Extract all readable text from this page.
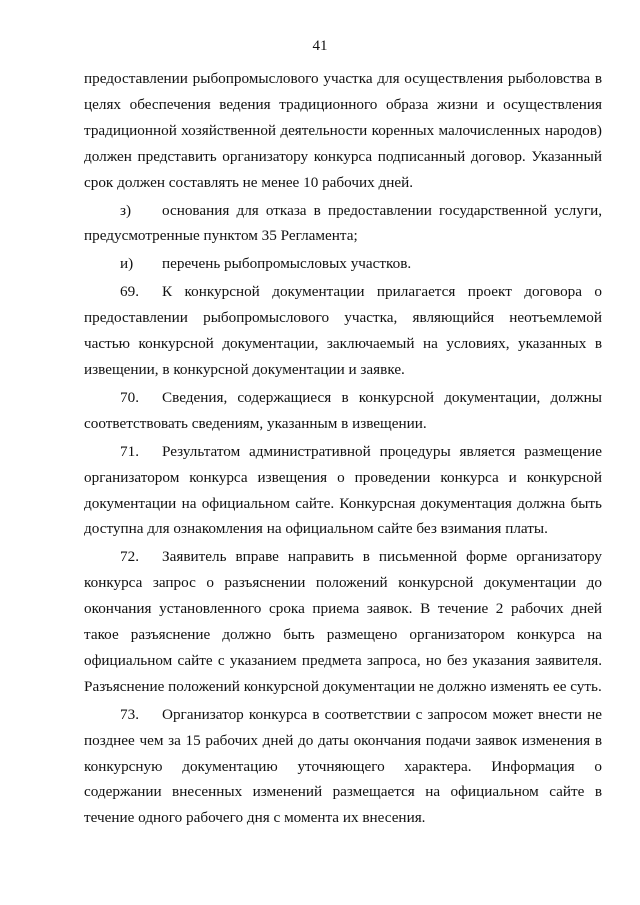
41

предоставлении рыбопромыслового участка для осуществления рыболовства в целях обеспечения ведения традиционного образа жизни и осуществления традиционной хозяйственной деятельности коренных малочисленных народов) должен представить организатору конкурса подписанный договор. Указанный срок должен составлять не менее 10 рабочих дней.

з) основания для отказа в предоставлении государственной услуги, предусмотренные пунктом 35 Регламента;

и) перечень рыбопромысловых участков.

69. К конкурсной документации прилагается проект договора о предоставлении рыбопромыслового участка, являющийся неотъемлемой частью конкурсной документации, заключаемый на условиях, указанных в извещении, в конкурсной документации и заявке.

70. Сведения, содержащиеся в конкурсной документации, должны соответствовать сведениям, указанным в извещении.

71. Результатом административной процедуры является размещение организатором конкурса извещения о проведении конкурса и конкурсной документации на официальном сайте. Конкурсная документация должна быть доступна для ознакомления на официальном сайте без взимания платы.

72. Заявитель вправе направить в письменной форме организатору конкурса запрос о разъяснении положений конкурсной документации до окончания установленного срока приема заявок. В течение 2 рабочих дней такое разъяснение должно быть размещено организатором конкурса на официальном сайте с указанием предмета запроса, но без указания заявителя. Разъяснение положений конкурсной документации не должно изменять ее суть.

73. Организатор конкурса в соответствии с запросом может внести не позднее чем за 15 рабочих дней до даты окончания подачи заявок изменения в конкурсную документацию уточняющего характера. Информация о содержании внесенных изменений размещается на официальном сайте в течение одного рабочего дня с момента их внесения.
